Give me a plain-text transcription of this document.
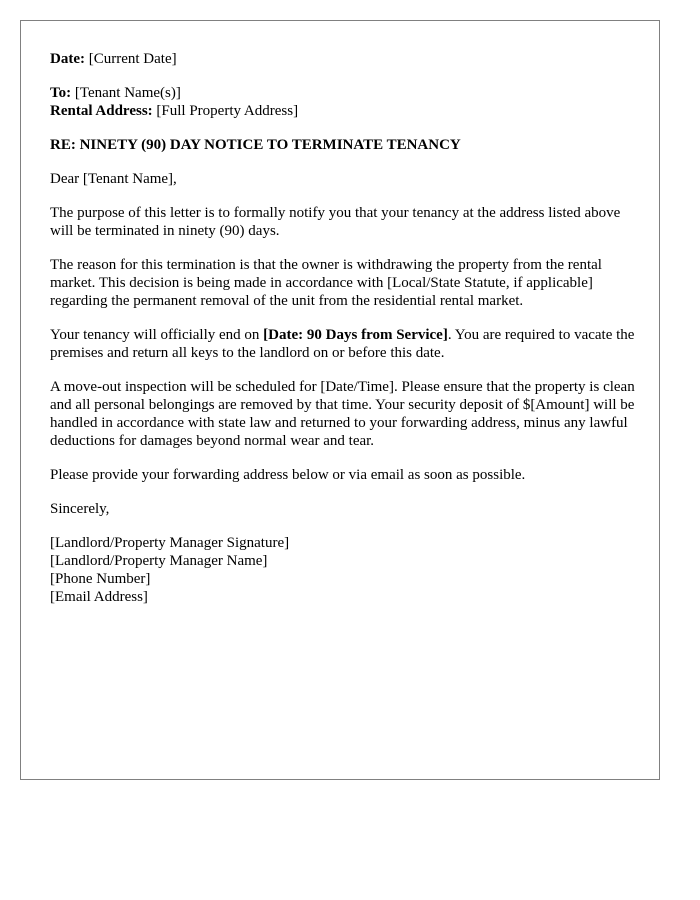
Date: [Current Date]

To: [Tenant Name(s)]
Rental Address: [Full Property Address]

RE: NINETY (90) DAY NOTICE TO TERMINATE TENANCY

Dear [Tenant Name],

The purpose of this letter is to formally notify you that your tenancy at the address listed above will be terminated in ninety (90) days.

The reason for this termination is that the owner is withdrawing the property from the rental market. This decision is being made in accordance with [Local/State Statute, if applicable] regarding the permanent removal of the unit from the residential rental market.

Your tenancy will officially end on [Date: 90 Days from Service]. You are required to vacate the premises and return all keys to the landlord on or before this date.

A move-out inspection will be scheduled for [Date/Time]. Please ensure that the property is clean and all personal belongings are removed by that time. Your security deposit of $[Amount] will be handled in accordance with state law and returned to your forwarding address, minus any lawful deductions for damages beyond normal wear and tear.

Please provide your forwarding address below or via email as soon as possible.

Sincerely,

[Landlord/Property Manager Signature]
[Landlord/Property Manager Name]
[Phone Number]
[Email Address]
